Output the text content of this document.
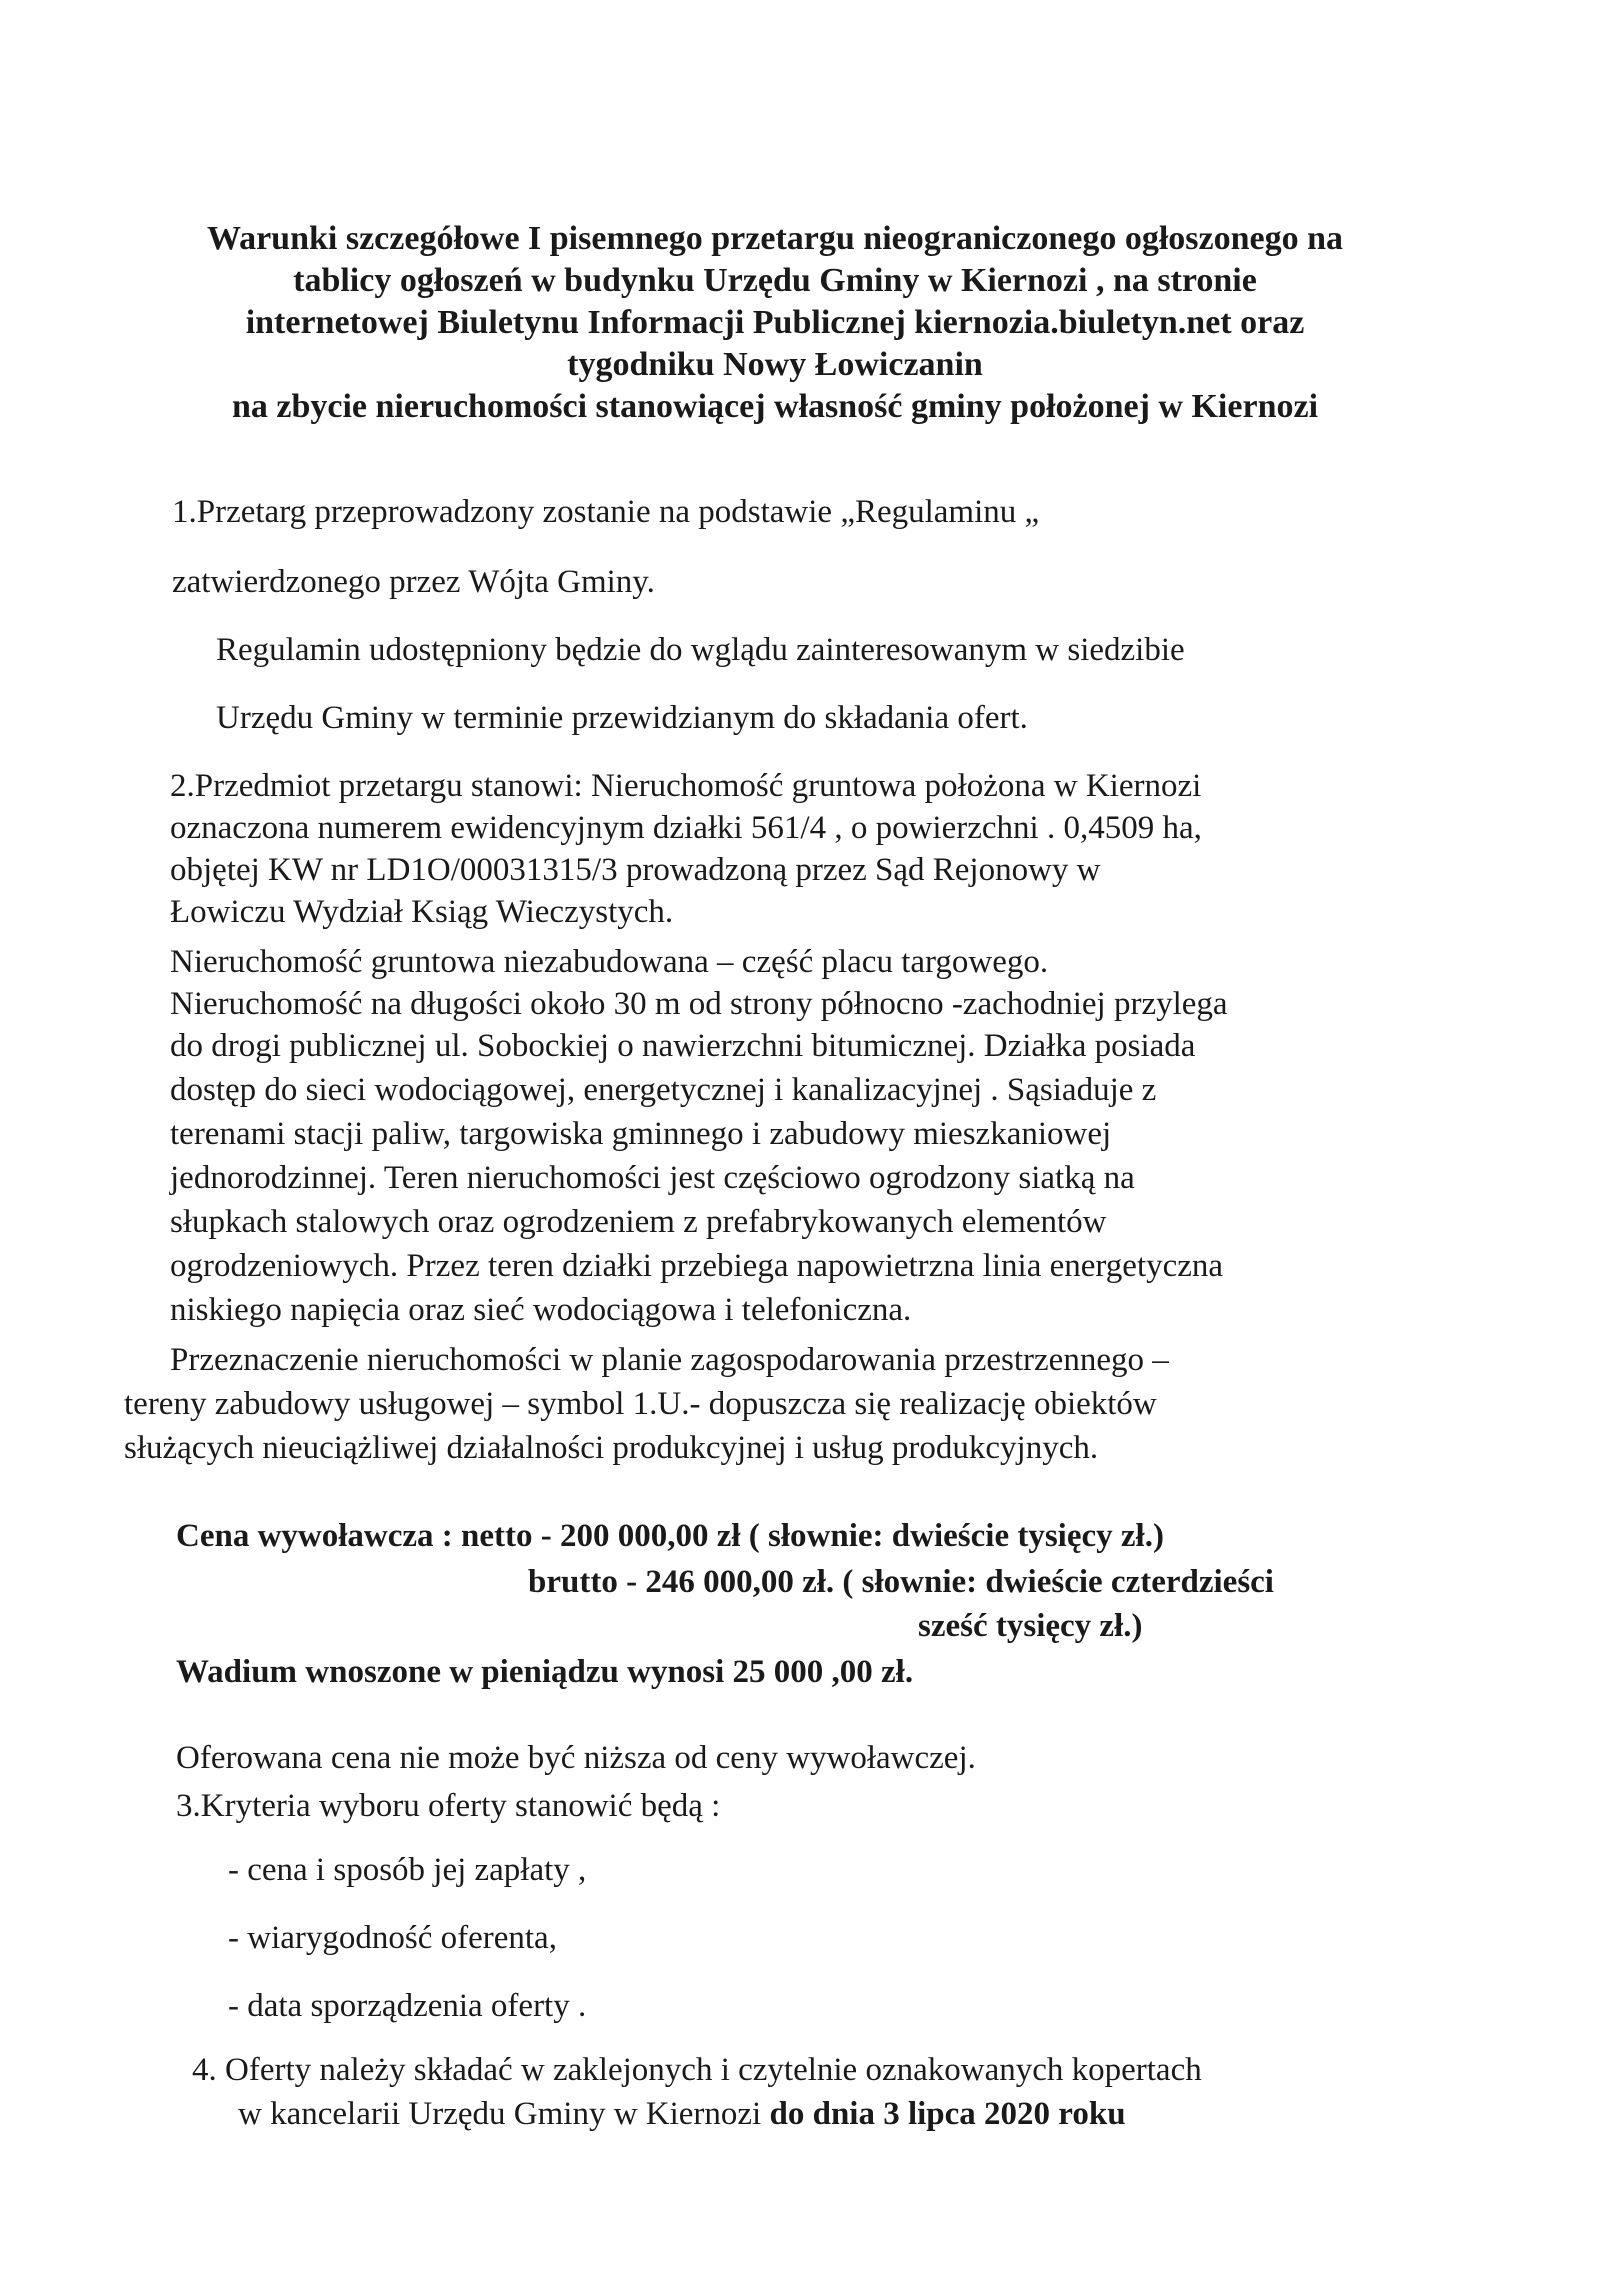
Warunki szczegółowe I pisemnego przetargu nieograniczonego ogłoszonego na
tablicy ogłoszeń w budynku Urzędu Gminy w Kiernozi , na stronie
internetowej Biuletynu Informacji Publicznej kiernozia.biuletyn.net oraz
tygodniku Nowy Łowiczanin
na zbycie nieruchomości stanowiącej własność gminy położonej w Kiernozi
1.Przetarg przeprowadzony zostanie na podstawie „Regulaminu „
zatwierdzonego przez Wójta Gminy.
Regulamin udostępniony będzie do wglądu zainteresowanym w siedzibie
Urzędu Gminy w terminie przewidzianym do składania ofert.
2.Przedmiot przetargu stanowi: Nieruchomość gruntowa położona w Kiernozi
oznaczona numerem ewidencyjnym działki 561/4 , o powierzchni . 0,4509 ha,
objętej KW nr LD1O/00031315/3 prowadzoną przez Sąd Rejonowy w
Łowiczu Wydział Ksiąg Wieczystych.
Nieruchomość gruntowa niezabudowana – część placu targowego.
Nieruchomość na długości około 30 m od strony północno -zachodniej przylega
do drogi publicznej ul. Sobockiej o nawierzchni bitumicznej. Działka posiada
dostęp do sieci wodociągowej, energetycznej i kanalizacyjnej . Sąsiaduje z
terenami stacji paliw, targowiska gminnego i zabudowy mieszkaniowej
jednorodzinnej. Teren nieruchomości jest częściowo ogrodzony siatką na
słupkach stalowych oraz ogrodzeniem z prefabrykowanych elementów
ogrodzeniowych. Przez teren działki przebiega napowietrzna linia energetyczna
niskiego napięcia oraz sieć wodociągowa i telefoniczna.
Przeznaczenie nieruchomości w planie zagospodarowania przestrzennego –
tereny zabudowy usługowej – symbol 1.U.- dopuszcza się realizację obiektów
służących nieuciążliwej działalności produkcyjnej i usług produkcyjnych.
Cena wywoławcza : netto - 200 000,00 zł ( słownie: dwieście tysięcy zł.)
brutto - 246 000,00 zł. ( słownie: dwieście czterdzieści
sześć tysięcy zł.)
Wadium wnoszone w pieniądzu wynosi 25 000 ,00 zł.
Oferowana cena nie może być niższa od ceny wywoławczej.
3.Kryteria wyboru oferty stanowić będą :
- cena i sposób jej zapłaty ,
- wiarygodność oferenta,
- data sporządzenia oferty .
4. Oferty należy składać w zaklejonych i czytelnie oznakowanych kopertach
w kancelarii Urzędu Gminy w Kiernozi do dnia 3 lipca 2020 roku
